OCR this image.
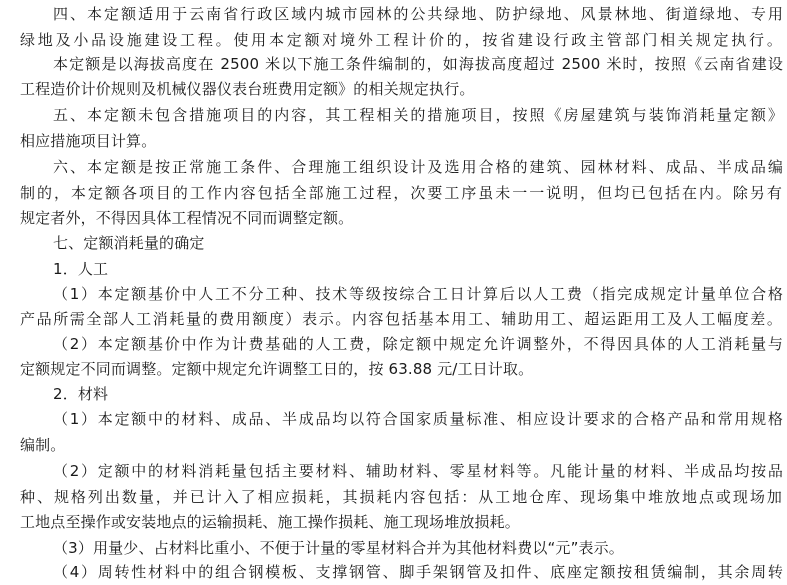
四、本定额适用于云南省行政区域内城市园林的公共绿地、防护绿地、风景林地、街道绿地、专用
绿地及小品设施建设工程。使用本定额对境外工程计价的，按省建设行政主管部门相关规定执行。
本定额是以海拔高度在 2500 米以下施工条件编制的，如海拔高度超过 2500 米时，按照《云南省建设
工程造价计价规则及机械仪器仪表台班费用定额》的相关规定执行。
五、本定额未包含措施项目的内容，其工程相关的措施项目，按照《房屋建筑与装饰消耗量定额》
相应措施项目计算。
六、本定额是按正常施工条件、合理施工组织设计及选用合格的建筑、园林材料、成品、半成品编
制的，本定额各项目的工作内容包括全部施工过程，次要工序虽未一一说明，但均已包括在内。除另有
规定者外，不得因具体工程情况不同而调整定额。
七、定额消耗量的确定
1．人工
（1）本定额基价中人工不分工种、技术等级按综合工日计算后以人工费（指完成规定计量单位合格
产品所需全部人工消耗量的费用额度）表示。内容包括基本用工、辅助用工、超运距用工及人工幅度差。
（2）本定额基价中作为计费基础的人工费，除定额中规定允许调整外，不得因具体的人工消耗量与
定额规定不同而调整。定额中规定允许调整工日的，按 63.88 元/工日计取。
2．材料
（1）本定额中的材料、成品、半成品均以符合国家质量标准、相应设计要求的合格产品和常用规格
编制。
（2）定额中的材料消耗量包括主要材料、辅助材料、零星材料等。凡能计量的材料、半成品均按品
种、规格列出数量，并已计入了相应损耗，其损耗内容包括：从工地仓库、现场集中堆放地点或现场加
工地点至操作或安装地点的运输损耗、施工操作损耗、施工现场堆放损耗。
（3）用量少、占材料比重小、不便于计量的零星材料合并为其他材料费以“元”表示。
（4）周转性材料中的组合钢模板、支撑钢管、脚手架钢管及扣件、底座定额按租赁编制，其余周转
